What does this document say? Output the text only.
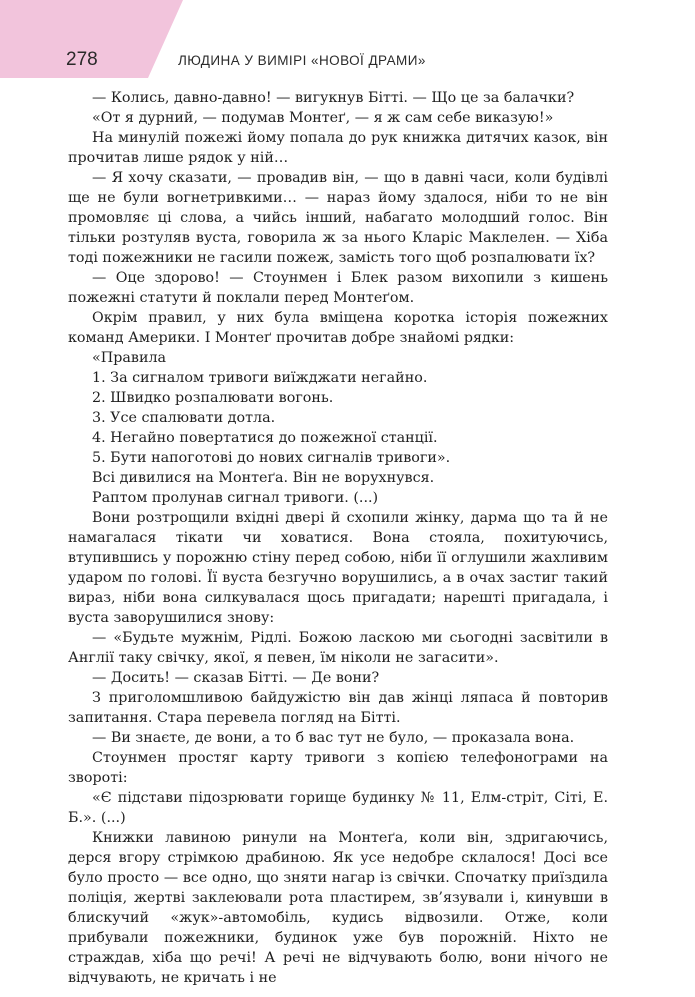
278	ЛЮДИНА У ВИМІРІ «НОВОЇ ДРАМИ»

— Колись, давно-давно! — вигукнув Бітті. — Що це за балачки?

«От я дурний, — подумав Монтеґ, — я ж сам себе виказую!»

На минулій пожежі йому попала до рук книжка дитячих казок, він прочитав лише рядок у ній…

— Я хочу сказати, — провадив він, — що в давні часи, коли будівлі ще не були вогнетривкими… — нараз йому здалося, ніби то не він промовляє ці слова, а чийсь інший, набагато молодший голос. Він тільки розтуляв вуста, говорила ж за нього Кларіс Маклелен. — Хіба тоді пожежники не гасили пожеж, замість того щоб розпалювати їх?

— Оце здорово! — Стоунмен і Блек разом вихопили з кишень пожежні статути й поклали перед Монтеґом.

Окрім правил, у них була вміщена коротка історія пожежних команд Америки. І Монтеґ прочитав добре знайомі рядки:

«Правила

1. За сигналом тривоги виїжджати негайно.

2. Швидко розпалювати вогонь.

3. Усе спалювати дотла.

4. Негайно повертатися до пожежної станції.

5. Бути напоготові до нових сигналів тривоги».

Всі дивилися на Монтеґа. Він не ворухнувся.

Раптом пролунав сигнал тривоги. (...)

Вони розтрощили вхідні двері й схопили жінку, дарма що та й не намагалася тікати чи ховатися. Вона стояла, похитуючись, втупившись у порожню стіну перед собою, ніби її оглушили жахливим ударом по голові. Її вуста безгучно ворушились, а в очах застиг такий вираз, ніби вона силкувалася щось пригадати; нарешті пригадала, і вуста заворушилися знову:

— «Будьте мужнім, Рідлі. Божою ласкою ми сьогодні засвітили в Англії таку свічку, якої, я певен, їм ніколи не загасити».

— Досить! — сказав Бітті. — Де вони?

З приголомшливою байдужістю він дав жінці ляпаса й повторив запитання. Стара перевела погляд на Бітті.

— Ви знаєте, де вони, а то б вас тут не було, — проказала вона.

Стоунмен простяг карту тривоги з копією телефонограми на звороті:

«Є підстави підозрювати горище будинку № 11, Елм-стріт, Сіті, Е. Б.». (...)

Книжки лавиною ринули на Монтеґа, коли він, здригаючись, дерся вгору стрімкою драбиною. Як усе недобре склалося! Досі все було просто — все одно, що зняти нагар із свічки. Спочатку приїздила поліція, жертві заклеювали рота пластирем, зв’язували і, кинувши в блискучий «жук»-автомобіль, кудись відвозили. Отже, коли прибували пожежники, будинок уже був порожній. Ніхто не страждав, хіба що речі! А речі не відчувають болю, вони нічого не відчувають, не кричать і не
